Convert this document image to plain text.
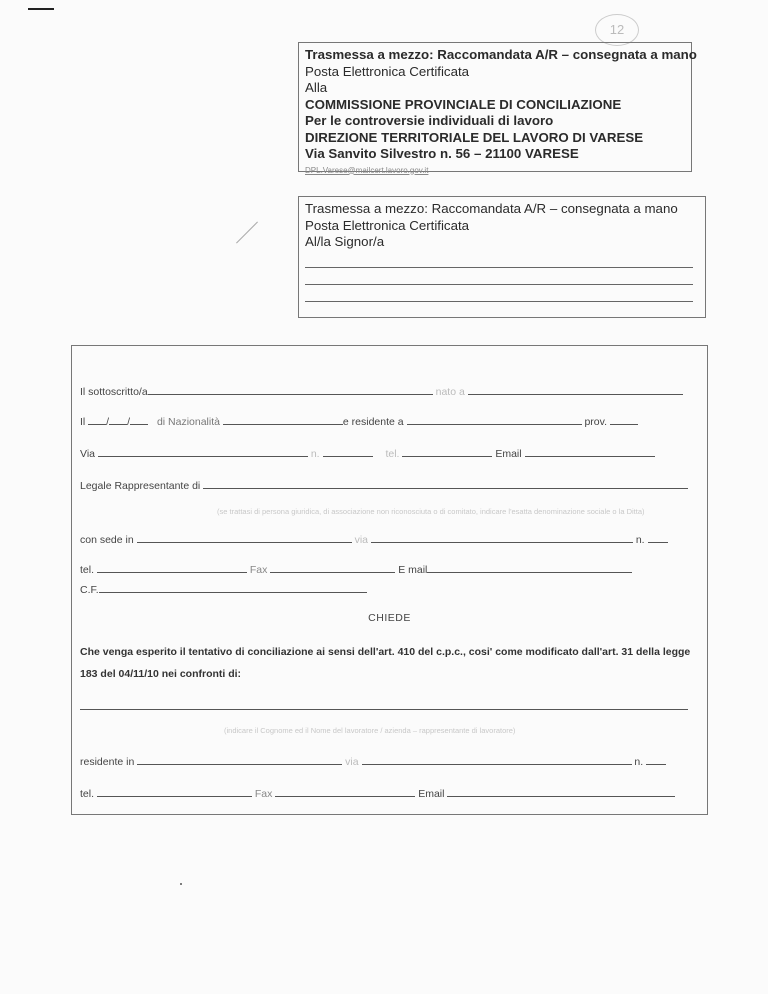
12
Trasmessa a mezzo: Raccomandata A/R – consegnata a mano
Posta Elettronica Certificata
Alla
COMMISSIONE PROVINCIALE DI CONCILIAZIONE
Per le controversie individuali di lavoro
DIREZIONE TERRITORIALE DEL LAVORO DI VARESE
Via Sanvito Silvestro n. 56 – 21100 VARESE
DPL.Varese@mailcert.lavoro.gov.it
Trasmessa a mezzo: Raccomandata A/R – consegnata a mano
Posta Elettronica Certificata
Al/la Signor/a
Il sottoscritto/a	nato a
Il / /	di Nazionalità	e residente a	prov.
Via	n.	tel.	Email
Legale Rappresentante di
(se trattasi di persona giuridica, di associazione non riconosciuta o di comitato, indicare l'esatta denominazione sociale o la Ditta)
con sede in	via	n.
tel.	Fax	E mail
C.F.
CHIEDE
Che venga esperito il tentativo di conciliazione ai sensi dell'art. 410 del c.p.c., cosi' come modificato dall'art. 31 della legge
183 del 04/11/10 nei confronti di:
(indicare il Cognome ed il Nome del lavoratore / azienda – rappresentante di lavoratore)
residente in	via	n.
tel.	Fax	Email
